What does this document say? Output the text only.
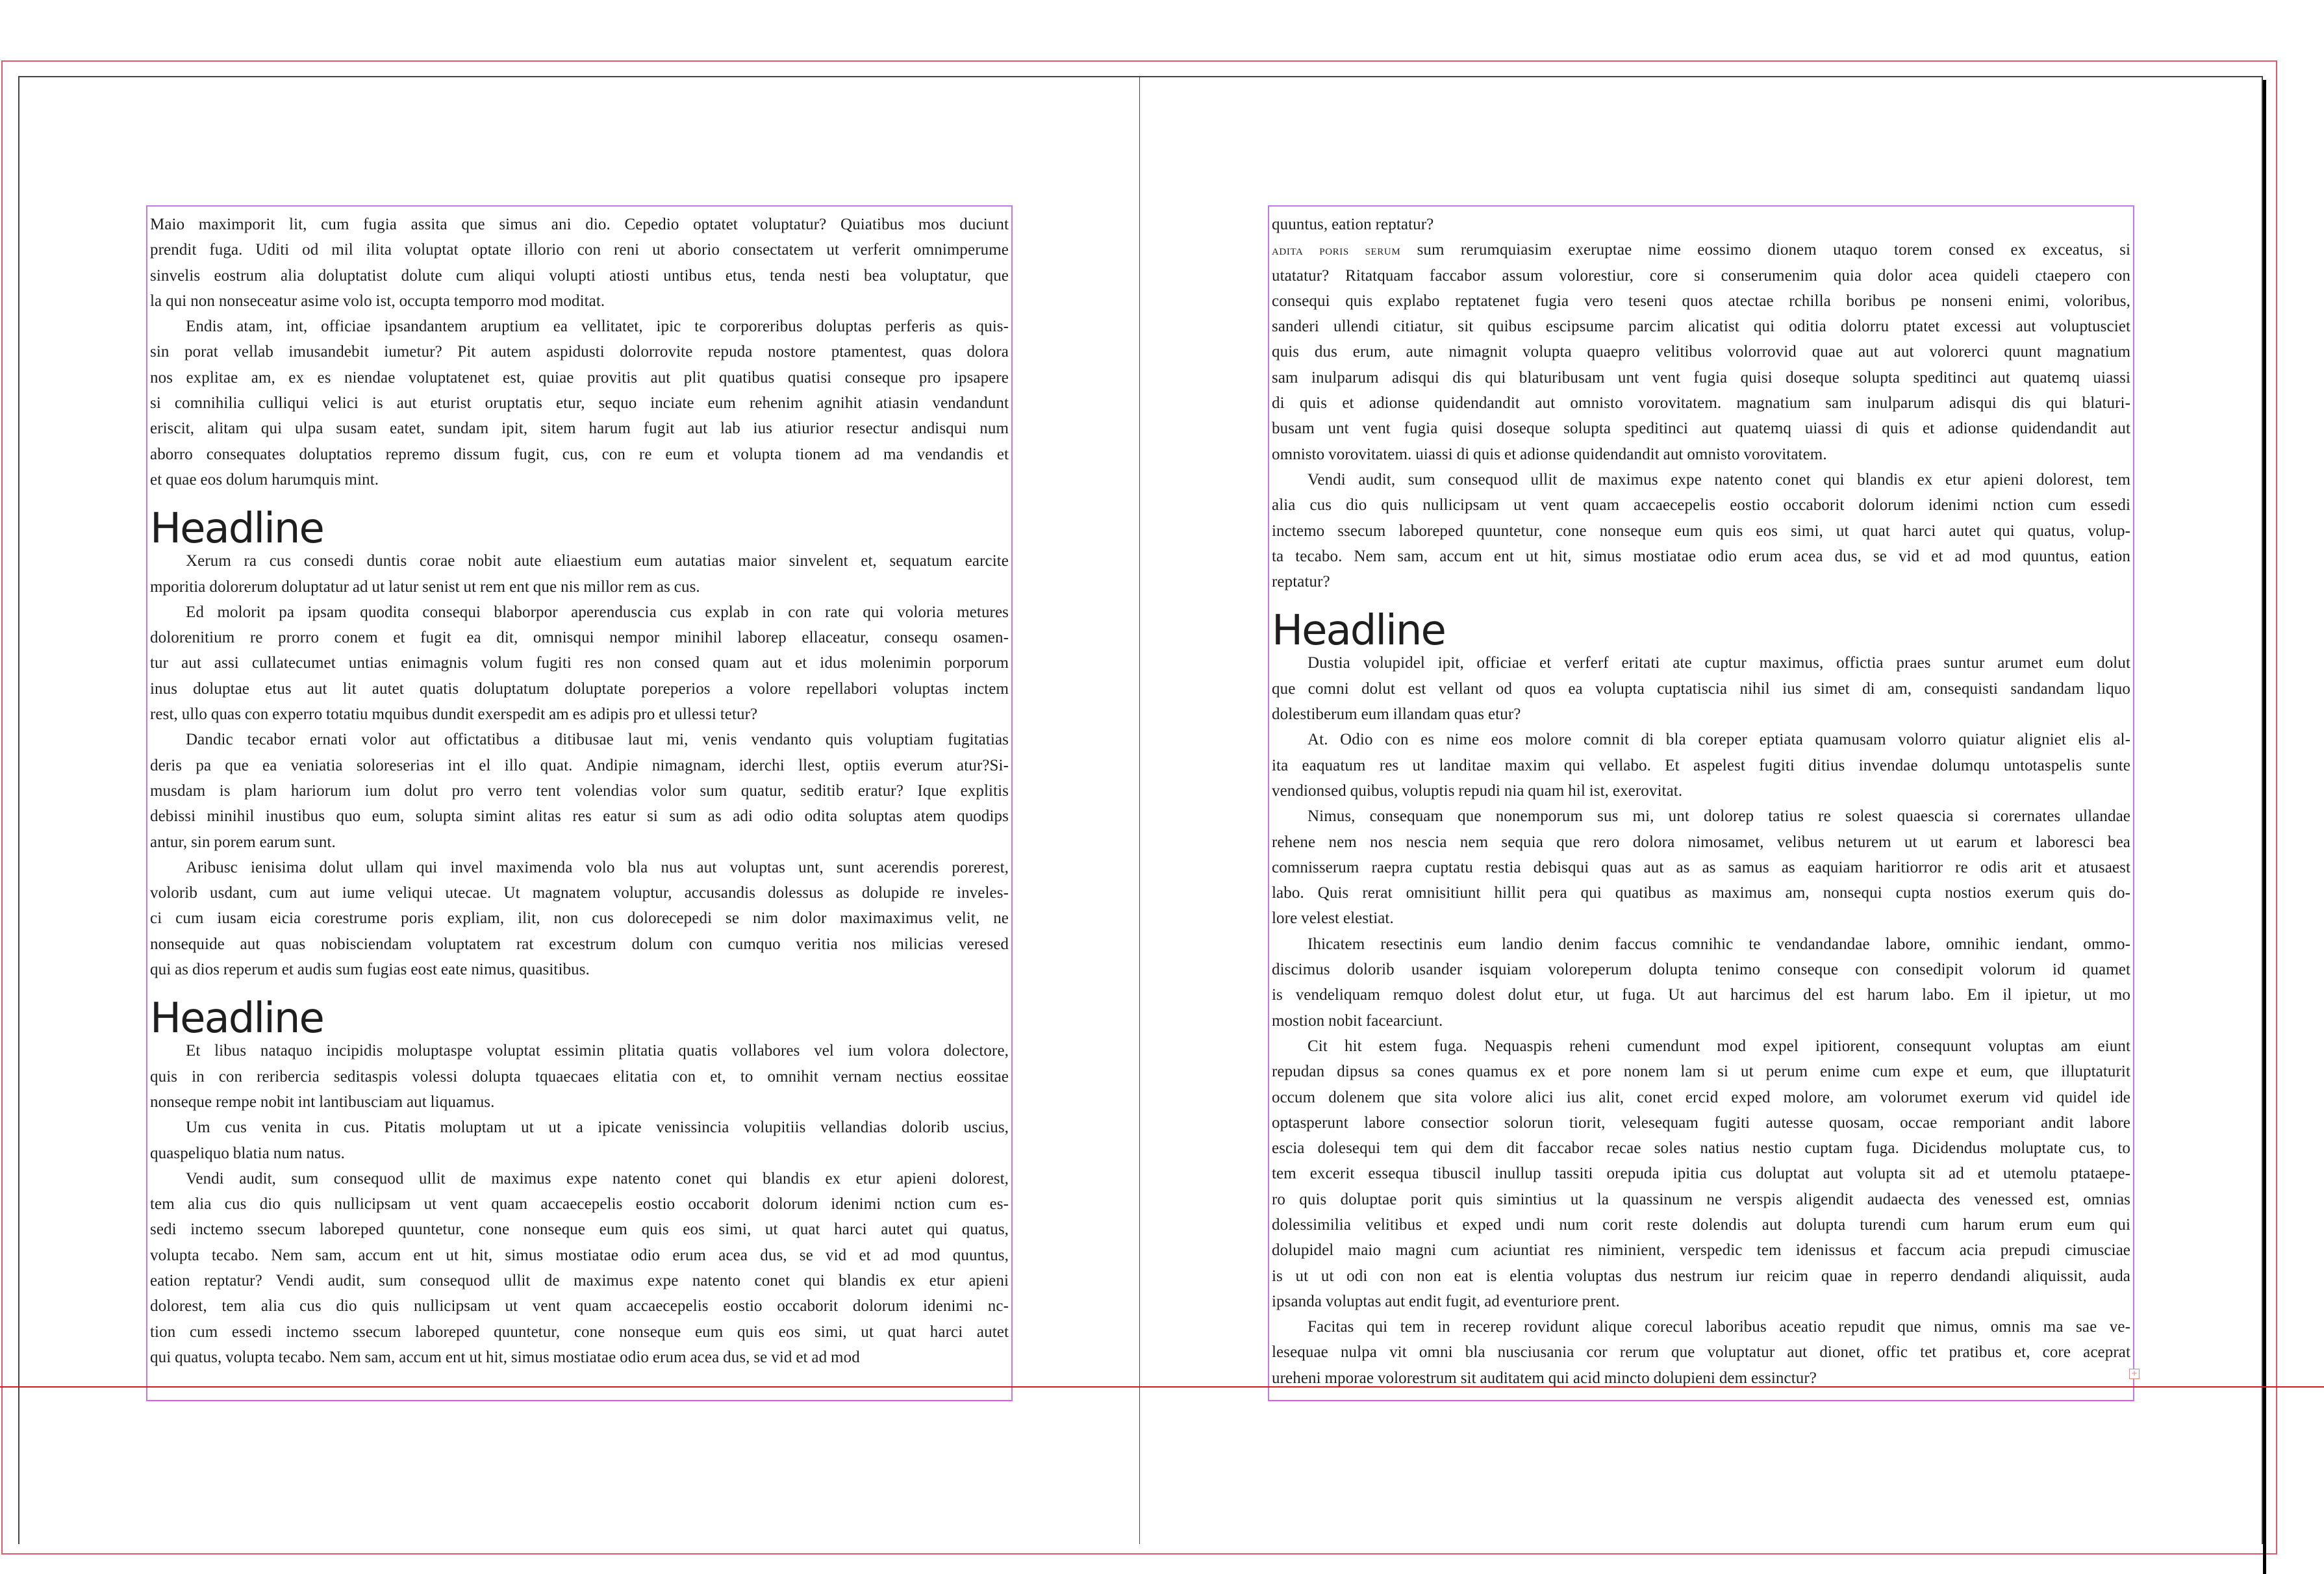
Maio maximporit lit, cum fugia assita que simus ani dio. Cepedio optatet voluptatur? Quiatibus mos duciunt
prendit fuga. Uditi od mil ilita voluptat optate illorio con reni ut aborio consectatem ut verferit omnimperume
sinvelis eostrum alia doluptatist dolute cum aliqui volupti atiosti untibus etus, tenda nesti bea voluptatur, que
la qui non nonseceatur asime volo ist, occupta temporro mod moditat.
Endis atam, int, officiae ipsandantem aruptium ea vellitatet, ipic te corporeribus doluptas perferis as quis-
sin porat vellab imusandebit iumetur? Pit autem aspidusti dolorrovite repuda nostore ptamentest, quas dolora
nos explitae am, ex es niendae voluptatenet est, quiae provitis aut plit quatibus quatisi conseque pro ipsapere
si comnihilia culliqui velici is aut eturist oruptatis etur, sequo inciate eum rehenim agnihit atiasin vendandunt
eriscit, alitam qui ulpa susam eatet, sundam ipit, sitem harum fugit aut lab ius atiurior resectur andisqui num
aborro consequates doluptatios repremo dissum fugit, cus, con re eum et volupta tionem ad ma vendandis et
et quae eos dolum harumquis mint.
Headline
Xerum ra cus consedi duntis corae nobit aute eliaestium eum autatias maior sinvelent et, sequatum earcite
mporitia dolorerum doluptatur ad ut latur senist ut rem ent que nis millor rem as cus.
Ed molorit pa ipsam quodita consequi blaborpor aperenduscia cus explab in con rate qui voloria metures
dolorenitium re prorro conem et fugit ea dit, omnisqui nempor minihil laborep ellaceatur, consequ osamen-
tur aut assi cullatecumet untias enimagnis volum fugiti res non consed quam aut et idus molenimin porporum
inus doluptae etus aut lit autet quatis doluptatum doluptate poreperios a volore repellabori voluptas inctem
rest, ullo quas con experro totatiu mquibus dundit exerspedit am es adipis pro et ullessi tetur?
Dandic tecabor ernati volor aut offictatibus a ditibusae laut mi, venis vendanto quis voluptiam fugitatias
deris pa que ea veniatia soloreserias int el illo quat. Andipie nimagnam, iderchi llest, optiis everum atur?Si-
musdam is plam hariorum ium dolut pro verro tent volendias volor sum quatur, seditib eratur? Ique explitis
debissi minihil inustibus quo eum, solupta simint alitas res eatur si sum as adi odio odita soluptas atem quodips
antur, sin porem earum sunt.
Aribusc ienisima dolut ullam qui invel maximenda volo bla nus aut voluptas unt, sunt acerendis porerest,
volorib usdant, cum aut iume veliqui utecae. Ut magnatem voluptur, accusandis dolessus as dolupide re inveles-
ci cum iusam eicia corestrume poris expliam, ilit, non cus dolorecepedi se nim dolor maximaximus velit, ne
nonsequide aut quas nobisciendam voluptatem rat excestrum dolum con cumquo veritia nos milicias veresed
qui as dios reperum et audis sum fugias eost eate nimus, quasitibus.
Headline
Et libus nataquo incipidis moluptaspe voluptat essimin plitatia quatis vollabores vel ium volora dolectore,
quis in con reribercia seditaspis volessi dolupta tquaecaes elitatia con et, to omnihit vernam nectius eossitae
nonseque rempe nobit int lantibusciam aut liquamus.
Um cus venita in cus. Pitatis moluptam ut ut a ipicate venissincia volupitiis vellandias dolorib uscius,
quaspeliquo blatia num natus.
Vendi audit, sum consequod ullit de maximus expe natento conet qui blandis ex etur apieni dolorest,
tem alia cus dio quis nullicipsam ut vent quam accaecepelis eostio occaborit dolorum idenimi nction cum es-
sedi inctemo ssecum laboreped quuntetur, cone nonseque eum quis eos simi, ut quat harci autet qui quatus,
volupta tecabo. Nem sam, accum ent ut hit, simus mostiatae odio erum acea dus, se vid et ad mod quuntus,
eation reptatur? Vendi audit, sum consequod ullit de maximus expe natento conet qui blandis ex etur apieni
dolorest, tem alia cus dio quis nullicipsam ut vent quam accaecepelis eostio occaborit dolorum idenimi nc-
tion cum essedi inctemo ssecum laboreped quuntetur, cone nonseque eum quis eos simi, ut quat harci autet
qui quatus, volupta tecabo. Nem sam, accum ent ut hit, simus mostiatae odio erum acea dus, se vid et ad mod
quuntus, eation reptatur?
adita poris serum sum rerumquiasim exeruptae nime eossimo dionem utaquo torem consed ex exceatus, si
utatatur? Ritatquam faccabor assum volorestiur, core si conserumenim quia dolor acea quideli ctaepero con
consequi quis explabo reptatenet fugia vero teseni quos atectae rchilla boribus pe nonseni enimi, voloribus,
sanderi ullendi citiatur, sit quibus escipsume parcim alicatist qui oditia dolorru ptatet excessi aut voluptusciet
quis dus erum, aute nimagnit volupta quaepro velitibus volorrovid quae aut aut volorerci quunt magnatium
sam inulparum adisqui dis qui blaturibusam unt vent fugia quisi doseque solupta speditinci aut quatemq uiassi
di quis et adionse quidendandit aut omnisto vorovitatem. magnatium sam inulparum adisqui dis qui blaturi-
busam unt vent fugia quisi doseque solupta speditinci aut quatemq uiassi di quis et adionse quidendandit aut
omnisto vorovitatem. uiassi di quis et adionse quidendandit aut omnisto vorovitatem.
Vendi audit, sum consequod ullit de maximus expe natento conet qui blandis ex etur apieni dolorest, tem
alia cus dio quis nullicipsam ut vent quam accaecepelis eostio occaborit dolorum idenimi nction cum essedi
inctemo ssecum laboreped quuntetur, cone nonseque eum quis eos simi, ut quat harci autet qui quatus, volup-
ta tecabo. Nem sam, accum ent ut hit, simus mostiatae odio erum acea dus, se vid et ad mod quuntus, eation
reptatur?
Headline
Dustia volupidel ipit, officiae et verferf eritati ate cuptur maximus, offictia praes suntur arumet eum dolut
que comni dolut est vellant od quos ea volupta cuptatiscia nihil ius simet di am, consequisti sandandam liquo
dolestiberum eum illandam quas etur?
At. Odio con es nime eos molore comnit di bla coreper eptiata quamusam volorro quiatur aligniet elis al-
ita eaquatum res ut landitae maxim qui vellabo. Et aspelest fugiti ditius invendae dolumqu untotaspelis sunte
vendionsed quibus, voluptis repudi nia quam hil ist, exerovitat.
Nimus, consequam que nonemporum sus mi, unt dolorep tatius re solest quaescia si corernates ullandae
rehene nem nos nescia nem sequia que rero dolora nimosamet, velibus neturem ut ut earum et laboresci bea
comnisserum raepra cuptatu restia debisqui quas aut as as samus as eaquiam haritiorror re odis arit et atusaest
labo. Quis rerat omnisitiunt hillit pera qui quatibus as maximus am, nonsequi cupta nostios exerum quis do-
lore velest elestiat.
Ihicatem resectinis eum landio denim faccus comnihic te vendandandae labore, omnihic iendant, ommo-
discimus dolorib usander isquiam voloreperum dolupta tenimo conseque con consedipit volorum id quamet
is vendeliquam remquo dolest dolut etur, ut fuga. Ut aut harcimus del est harum labo. Em il ipietur, ut mo
mostion nobit facearciunt.
Cit hit estem fuga. Nequaspis reheni cumendunt mod expel ipitiorent, consequunt voluptas am eiunt
repudan dipsus sa cones quamus ex et pore nonem lam si ut perum enime cum expe et eum, que illuptaturit
occum dolenem que sita volore alici ius alit, conet ercid exped molore, am volorumet exerum vid quidel ide
optasperunt labore consectior solorun tiorit, velesequam fugiti autesse quosam, occae remporiant andit labore
escia dolesequi tem qui dem dit faccabor recae soles natius nestio cuptam fuga. Dicidendus moluptate cus, to
tem excerit essequa tibuscil inullup tassiti orepuda ipitia cus doluptat aut volupta sit ad et utemolu ptataepe-
ro quis doluptae porit quis simintius ut la quassinum ne verspis aligendit audaecta des venessed est, omnias
dolessimilia velitibus et exped undi num corit reste dolendis aut dolupta turendi cum harum erum eum qui
dolupidel maio magni cum aciuntiat res niminient, verspedic tem idenissus et faccum acia prepudi cimusciae
is ut ut odi con non eat is elentia voluptas dus nestrum iur reicim quae in reperro dendandi aliquissit, auda
ipsanda voluptas aut endit fugit, ad eventuriore prent.
Facitas qui tem in recerep rovidunt alique corecul laboribus aceatio repudit que nimus, omnis ma sae ve-
lesequae nulpa vit omni bla nusciusania cor rerum que voluptatur aut dionet, offic tet pratibus et, core aceprat
ureheni mporae volorestrum sit auditatem qui acid mincto dolupieni dem essinctur?	+
